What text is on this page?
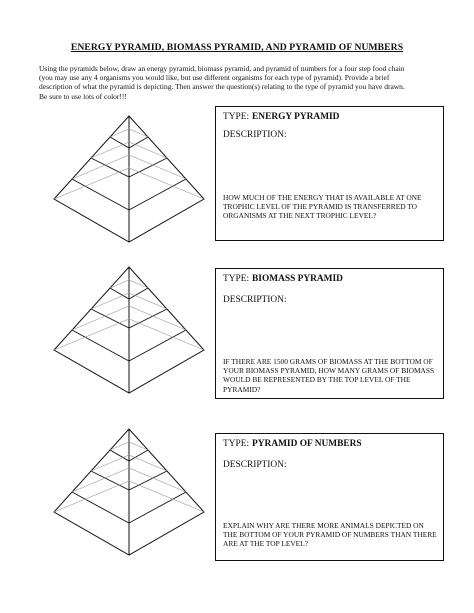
ENERGY PYRAMID, BIOMASS PYRAMID, AND PYRAMID OF NUMBERS
Using the pyramids below, draw an energy pyramid, biomass pyramid, and pyramid of numbers for a four step food chain
(you may use any 4 organisms you would like, but use different organisms for each type of pyramid). Provide a brief
description of what the pyramid is depicting. Then answer the question(s) relating to the type of pyramid you have drawn.
Be sure to use lots of color!!!
TYPE: ENERGY PYRAMID
DESCRIPTION:
HOW MUCH OF THE ENERGY THAT IS AVAILABLE AT ONE
TROPHIC LEVEL OF THE PYRAMID IS TRANSFERRED TO
ORGANISMS AT THE NEXT TROPHIC LEVEL?
TYPE: BIOMASS PYRAMID
DESCRIPTION:
IF THERE ARE 1500 GRAMS OF BIOMASS AT THE BOTTOM OF
YOUR BIOMASS PYRAMID, HOW MANY GRAMS OF BIOMASS
WOULD BE REPRESENTED BY THE TOP LEVEL OF THE
PYRAMID?
TYPE: PYRAMID OF NUMBERS
DESCRIPTION:
EXPLAIN WHY ARE THERE MORE ANIMALS DEPICTED ON
THE BOTTOM OF YOUR PYRAMID OF NUMBERS THAN THERE
ARE AT THE TOP LEVEL?
